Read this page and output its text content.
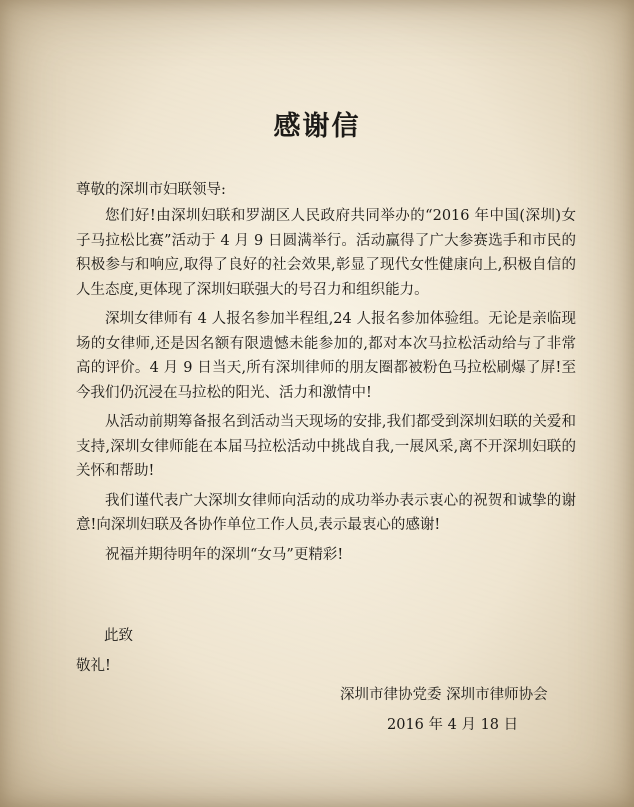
感谢信
尊敬的深圳市妇联领导:

您们好!由深圳妇联和罗湖区人民政府共同举办的“2016 年中国(深圳)女子马拉松比赛”活动于 4 月 9 日圆满举行。活动赢得了广大参赛选手和市民的积极参与和响应,取得了良好的社会效果,彰显了现代女性健康向上,积极自信的人生态度,更体现了深圳妇联强大的号召力和组织能力。

深圳女律师有 4 人报名参加半程组,24 人报名参加体验组。无论是亲临现场的女律师,还是因名额有限遗憾未能参加的,都对本次马拉松活动给与了非常高的评价。4 月 9 日当天,所有深圳律师的朋友圈都被粉色马拉松刷爆了屏!至今我们仍沉浸在马拉松的阳光、活力和激情中!

从活动前期筹备报名到活动当天现场的安排,我们都受到深圳妇联的关爱和支持,深圳女律师能在本届马拉松活动中挑战自我,一展风采,离不开深圳妇联的关怀和帮助!

我们谨代表广大深圳女律师向活动的成功举办表示衷心的祝贺和诚挚的谢意!向深圳妇联及各协作单位工作人员,表示最衷心的感谢!

祝福并期待明年的深圳“女马”更精彩!

此致
敬礼!
深圳市律协党委 深圳市律师协会
2016 年 4 月 18 日
